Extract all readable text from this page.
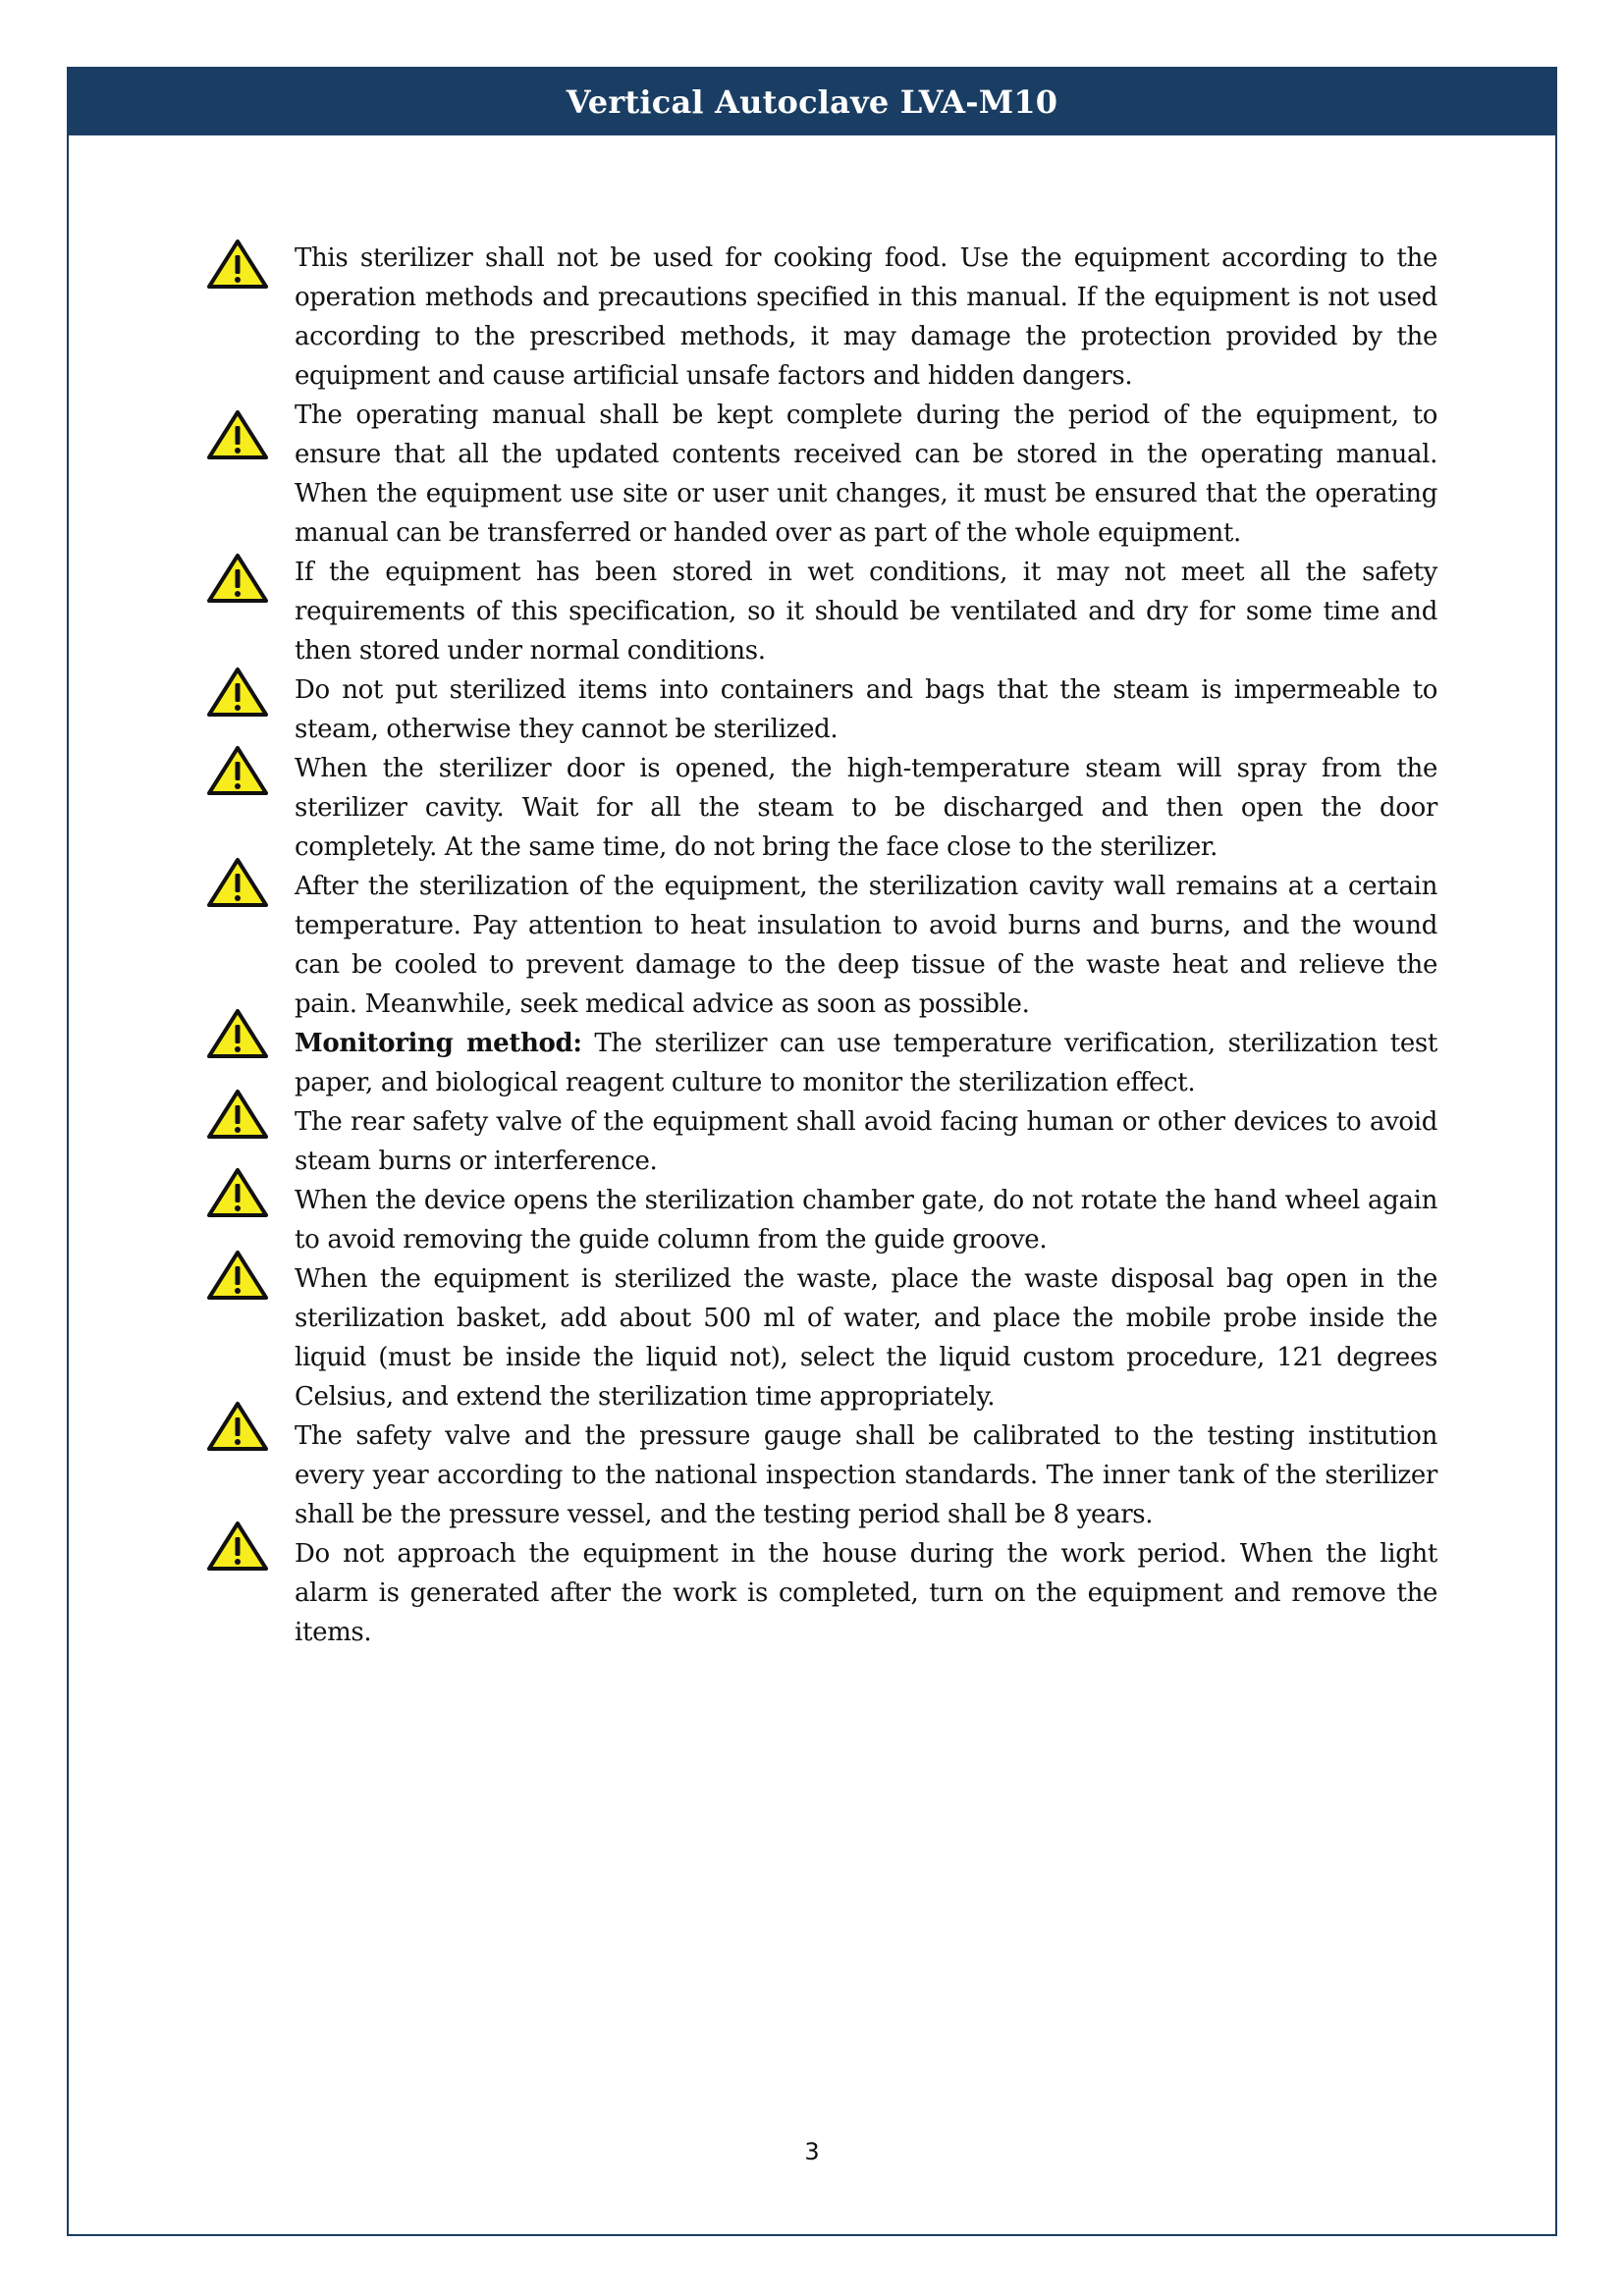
Vertical Autoclave LVA-M10

This sterilizer shall not be used for cooking food. Use the equipment according to the operation methods and precautions specified in this manual. If the equipment is not used according to the prescribed methods, it may damage the protection provided by the equipment and cause artificial unsafe factors and hidden dangers.

The operating manual shall be kept complete during the period of the equipment, to ensure that all the updated contents received can be stored in the operating manual. When the equipment use site or user unit changes, it must be ensured that the operating manual can be transferred or handed over as part of the whole equipment.

If the equipment has been stored in wet conditions, it may not meet all the safety requirements of this specification, so it should be ventilated and dry for some time and then stored under normal conditions.

Do not put sterilized items into containers and bags that the steam is impermeable to steam, otherwise they cannot be sterilized.

When the sterilizer door is opened, the high-temperature steam will spray from the sterilizer cavity. Wait for all the steam to be discharged and then open the door completely. At the same time, do not bring the face close to the sterilizer.

After the sterilization of the equipment, the sterilization cavity wall remains at a certain temperature. Pay attention to heat insulation to avoid burns and burns, and the wound can be cooled to prevent damage to the deep tissue of the waste heat and relieve the pain. Meanwhile, seek medical advice as soon as possible.

Monitoring method: The sterilizer can use temperature verification, sterilization test paper, and biological reagent culture to monitor the sterilization effect.

The rear safety valve of the equipment shall avoid facing human or other devices to avoid steam burns or interference.

When the device opens the sterilization chamber gate, do not rotate the hand wheel again to avoid removing the guide column from the guide groove.

When the equipment is sterilized the waste, place the waste disposal bag open in the sterilization basket, add about 500 ml of water, and place the mobile probe inside the liquid (must be inside the liquid not), select the liquid custom procedure, 121 degrees Celsius, and extend the sterilization time appropriately.

The safety valve and the pressure gauge shall be calibrated to the testing institution every year according to the national inspection standards. The inner tank of the sterilizer shall be the pressure vessel, and the testing period shall be 8 years.

Do not approach the equipment in the house during the work period. When the light alarm is generated after the work is completed, turn on the equipment and remove the items.

3
